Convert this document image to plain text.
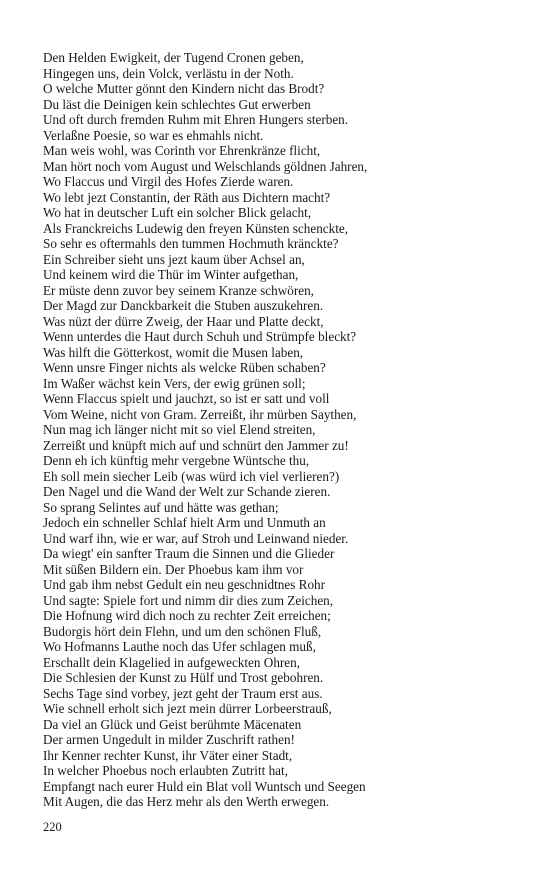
Den Helden Ewigkeit, der Tugend Cronen geben,
Hingegen uns, dein Volck, verlästu in der Noth.
O welche Mutter gönnt den Kindern nicht das Brodt?
Du läst die Deinigen kein schlechtes Gut erwerben
Und oft durch fremden Ruhm mit Ehren Hungers sterben.
Verlaßne Poesie, so war es ehmahls nicht.
Man weis wohl, was Corinth vor Ehrenkränze flicht,
Man hört noch vom August und Welschlands göldnen Jahren,
Wo Flaccus und Virgil des Hofes Zierde waren.
Wo lebt jezt Constantin, der Räth aus Dichtern macht?
Wo hat in deutscher Luft ein solcher Blick gelacht,
Als Franckreichs Ludewig den freyen Künsten schenckte,
So sehr es oftermahls den tummen Hochmuth kränckte?
Ein Schreiber sieht uns jezt kaum über Achsel an,
Und keinem wird die Thür im Winter aufgethan,
Er müste denn zuvor bey seinem Kranze schwören,
Der Magd zur Danckbarkeit die Stuben auszukehren.
Was nüzt der dürre Zweig, der Haar und Platte deckt,
Wenn unterdes die Haut durch Schuh und Strümpfe bleckt?
Was hilft die Götterkost, womit die Musen laben,
Wenn unsre Finger nichts als welcke Rüben schaben?
Im Waßer wächst kein Vers, der ewig grünen soll;
Wenn Flaccus spielt und jauchzt, so ist er satt und voll
Vom Weine, nicht von Gram. Zerreißt, ihr mürben Saythen,
Nun mag ich länger nicht mit so viel Elend streiten,
Zerreißt und knüpft mich auf und schnürt den Jammer zu!
Denn eh ich künftig mehr vergebne Wüntsche thu,
Eh soll mein siecher Leib (was würd ich viel verlieren?)
Den Nagel und die Wand der Welt zur Schande zieren.
So sprang Selintes auf und hätte was gethan;
Jedoch ein schneller Schlaf hielt Arm und Unmuth an
Und warf ihn, wie er war, auf Stroh und Leinwand nieder.
Da wiegt' ein sanfter Traum die Sinnen und die Glieder
Mit süßen Bildern ein. Der Phoebus kam ihm vor
Und gab ihm nebst Gedult ein neu geschnidtnes Rohr
Und sagte: Spiele fort und nimm dir dies zum Zeichen,
Die Hofnung wird dich noch zu rechter Zeit erreichen;
Budorgis hört dein Flehn, und um den schönen Fluß,
Wo Hofmanns Lauthe noch das Ufer schlagen muß,
Erschallt dein Klagelied in aufgeweckten Ohren,
Die Schlesien der Kunst zu Hülf und Trost gebohren.
Sechs Tage sind vorbey, jezt geht der Traum erst aus.
Wie schnell erholt sich jezt mein dürrer Lorbeerstrauß,
Da viel an Glück und Geist berühmte Mäcenaten
Der armen Ungedult in milder Zuschrift rathen!
Ihr Kenner rechter Kunst, ihr Väter einer Stadt,
In welcher Phoebus noch erlaubten Zutritt hat,
Empfangt nach eurer Huld ein Blat voll Wuntsch und Seegen
Mit Augen, die das Herz mehr als den Werth erwegen.
220
